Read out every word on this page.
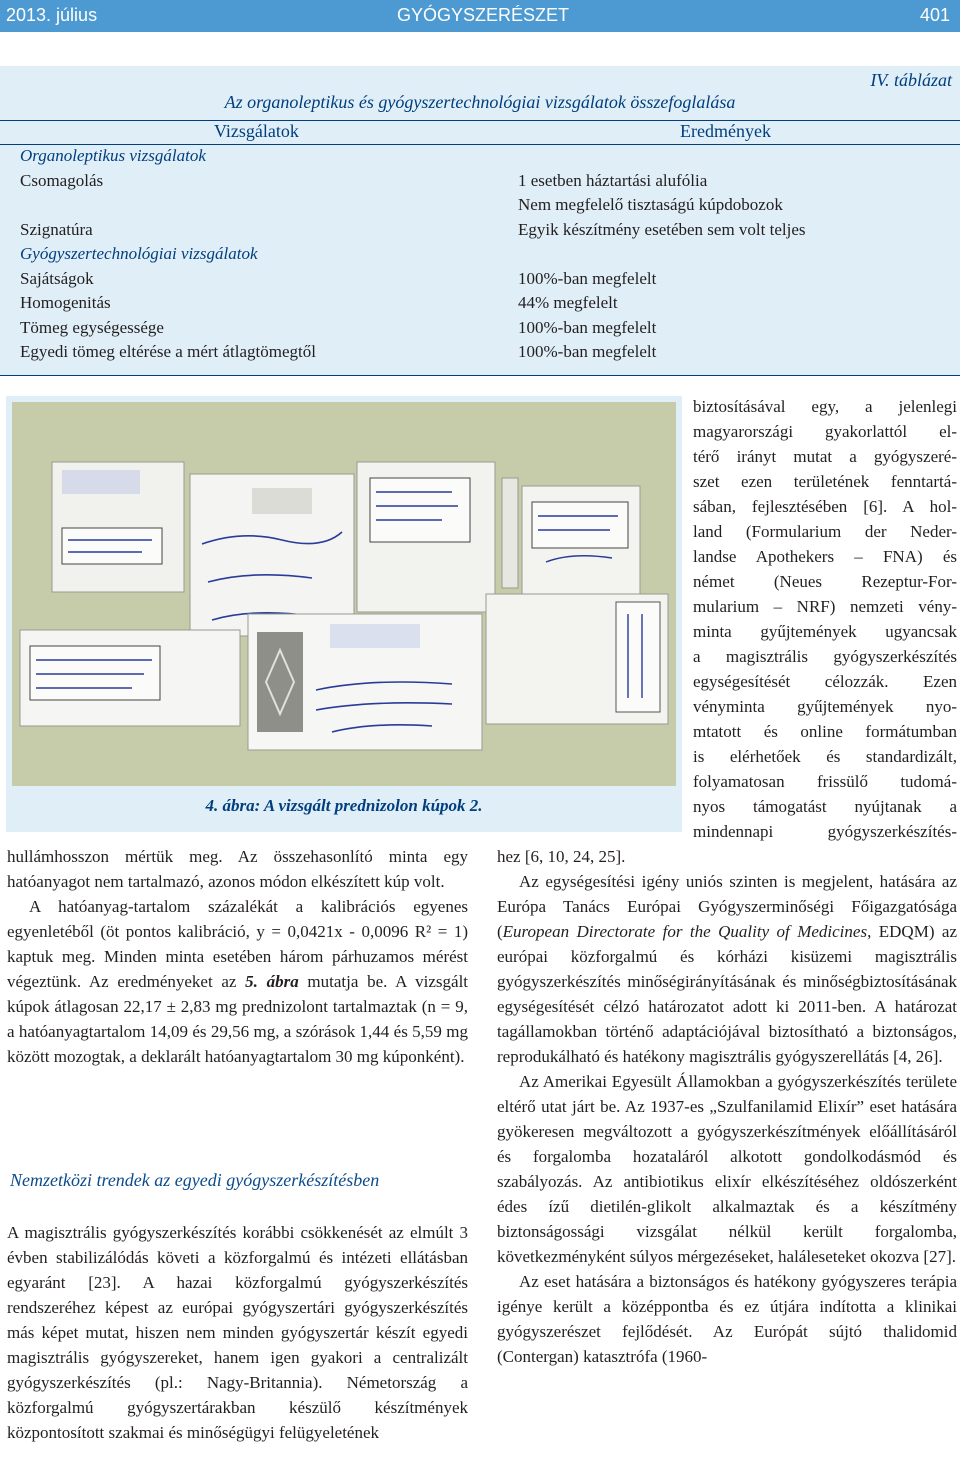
2013. július	GYÓGYSZERÉSZET	401
IV. táblázat
Az organoleptikus és gyógyszertechnológiai vizsgálatok összefoglalása
Vizsgálatok	Eredmények
Organoleptikus vizsgálatok
Csomagolás	1 esetben háztartási alufólia
Nem megfelelő tisztaságú kúpdobozok
Szignatúra	Egyik készítmény esetében sem volt teljes
Gyógyszertechnológiai vizsgálatok
Sajátságok	100%-ban megfelelt
Homogenitás	44% megfelelt
Tömeg egységessége	100%-ban megfelelt
Egyedi tömeg eltérése a mért átlagtömegtől	100%-ban megfelelt
4. ábra: A vizsgált prednizolon kúpok 2.
biztosításával egy, a jelenlegi
magyarországi gyakorlattól el-
térő irányt mutat a gyógyszeré-
szet ezen területének fenntartá-
sában, fejlesztésében [6]. A hol-
land (Formularium der Neder-
landse Apothekers – FNA) és
német (Neues Rezeptur-For-
mularium – NRF) nemzeti vény-
minta gyűjtemények ugyancsak
a magisztrális gyógyszerkészítés
egységesítését célozzák. Ezen
vényminta gyűjtemények nyo-
mtatott és online formátumban
is elérhetőek és standardizált,
folyamatosan frissülő tudomá-
nyos támogatást nyújtanak a
mindennapi gyógyszerkészítés-

hez [6, 10, 24, 25].

Az egységesítési igény uniós szinten is megjelent, hatására az Európa Tanács Európai Gyógyszerminőségi Főigazgatósága (European Directorate for the Quality of Medicines, EDQM) az európai közforgalmú és kórházi kisüzemi magisztrális gyógyszerkészítés minőségirányításának és minőségbiztosításának egységesítését célzó határozatot adott ki 2011-ben. A határozat tagállamokban történő adaptációjával biztosítható a biztonságos, reprodukálható és hatékony magisztrális gyógyszerellátás [4, 26].

Az Amerikai Egyesült Államokban a gyógyszerkészítés területe eltérő utat járt be. Az 1937-es „Szulfanilamid Elixír” eset hatására gyökeresen megváltozott a gyógyszerkészítmények előállításáról és forgalomba hozataláról alkotott gondolkodásmód és szabályozás. Az antibiotikus elixír elkészítéséhez oldószerként édes ízű dietilén-glikolt alkalmaztak és a készítmény biztonságossági vizsgálat nélkül került forgalomba, következményként súlyos mérgezéseket, haláleseteket okozva [27].

Az eset hatására a biztonságos és hatékony gyógyszeres terápia igénye került a középpontba és ez útjára indította a klinikai gyógyszerészet fejlődését. Az Európát sújtó thalidomid (Contergan) katasztrófa (1960-

hullámhosszon mértük meg. Az összehasonlító minta egy hatóanyagot nem tartalmazó, azonos módon elkészített kúp volt.

A hatóanyag-tartalom százalékát a kalibrációs egyenes egyenletéből (öt pontos kalibráció, y = 0,0421x - 0,0096 R² = 1) kaptuk meg. Minden minta esetében három párhuzamos mérést végeztünk. Az eredményeket az 5. ábra mutatja be. A vizsgált kúpok átlagosan 22,17 ± 2,83 mg prednizolont tartalmaztak (n = 9, a hatóanyagtartalom 14,09 és 29,56 mg, a szórások 1,44 és 5,59 mg között mozogtak, a deklarált hatóanyagtartalom 30 mg kúponként).

Nemzetközi trendek az egyedi gyógyszerkészítésben

A magisztrális gyógyszerkészítés korábbi csökkenését az elmúlt 3 évben stabilizálódás követi a közforgalmú és intézeti ellátásban egyaránt [23]. A hazai közforgalmú gyógyszerkészítés rendszeréhez képest az európai gyógyszertári gyógyszerkészítés más képet mutat, hiszen nem minden gyógyszertár készít egyedi magisztrális gyógyszereket, hanem igen gyakori a centralizált gyógyszerkészítés (pl.: Nagy-Britannia). Németország a közforgalmú gyógyszertárakban készülő készítmények központosított szakmai és minőségügyi felügyeletének
